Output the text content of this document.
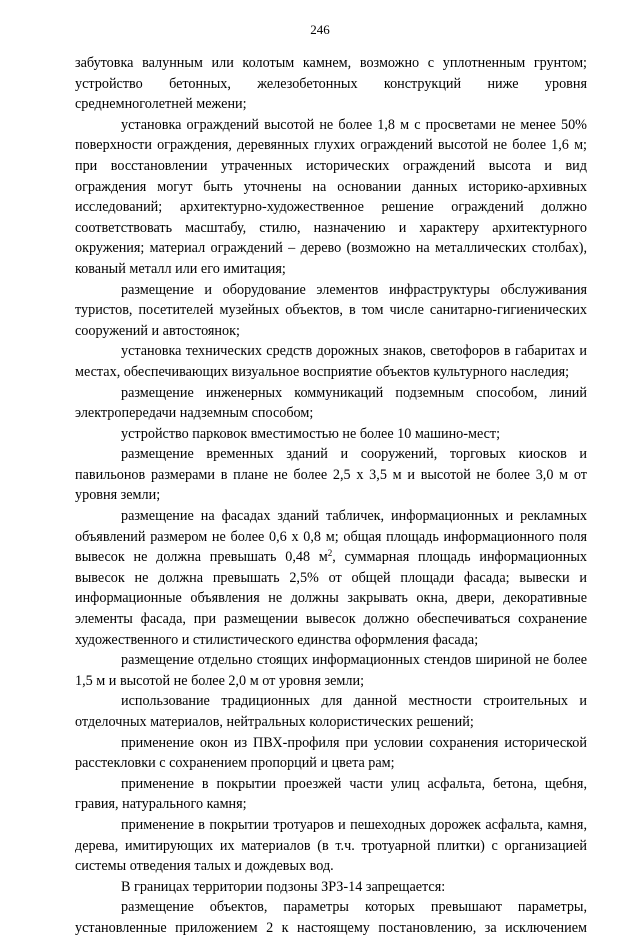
246

забутовка валунным или колотым камнем, возможно с уплотненным грунтом;

устройство бетонных, железобетонных конструкций ниже уровня

среднемноголетней межени;

установка ограждений высотой не более 1,8 м с просветами не менее 50% поверхности ограждения, деревянных глухих ограждений высотой не более 1,6 м; при восстановлении утраченных исторических ограждений высота и вид ограждения могут быть уточнены на основании данных историко-архивных исследований; архитектурно-художественное решение ограждений должно соответствовать масштабу, стилю, назначению и характеру архитектурного окружения; материал ограждений – дерево (возможно на металлических столбах), кованый металл или его имитация;

размещение и оборудование элементов инфраструктуры обслуживания туристов, посетителей музейных объектов, в том числе санитарно-гигиенических сооружений и автостоянок;

установка технических средств дорожных знаков, светофоров в габаритах и местах, обеспечивающих визуальное восприятие объектов культурного наследия;

размещение инженерных коммуникаций подземным способом, линий электропередачи надземным способом;

устройство парковок вместимостью не более 10 машино-мест;

размещение временных зданий и сооружений, торговых киосков и павильонов размерами в плане не более 2,5 х 3,5 м и высотой не более 3,0 м от уровня земли;

размещение на фасадах зданий табличек, информационных и рекламных объявлений размером не более 0,6 х 0,8 м; общая площадь информационного поля вывесок не должна превышать 0,48 $м^2$, суммарная площадь информационных вывесок не должна превышать 2,5% от общей площади фасада; вывески и информационные объявления не должны закрывать окна, двери, декоративные элементы фасада, при размещении вывесок должно обеспечиваться сохранение художественного и стилистического единства оформления фасада;

размещение отдельно стоящих информационных стендов шириной не более 1,5 м и высотой не более 2,0 м от уровня земли;

использование традиционных для данной местности строительных и отделочных материалов, нейтральных колористических решений;

применение окон из ПВХ-профиля при условии сохранения исторической расстекловки с сохранением пропорций и цвета рам;

применение в покрытии проезжей части улиц асфальта, бетона, щебня, гравия, натурального камня;

применение в покрытии тротуаров и пешеходных дорожек асфальта, камня, дерева, имитирующих их материалов (в т.ч. тротуарной плитки) с организацией системы отведения талых и дождевых вод.

В границах территории подзоны ЗРЗ-14 запрещается:

размещение объектов, параметры которых превышают параметры, установленные приложением 2 к настоящему постановлению, за исключением
